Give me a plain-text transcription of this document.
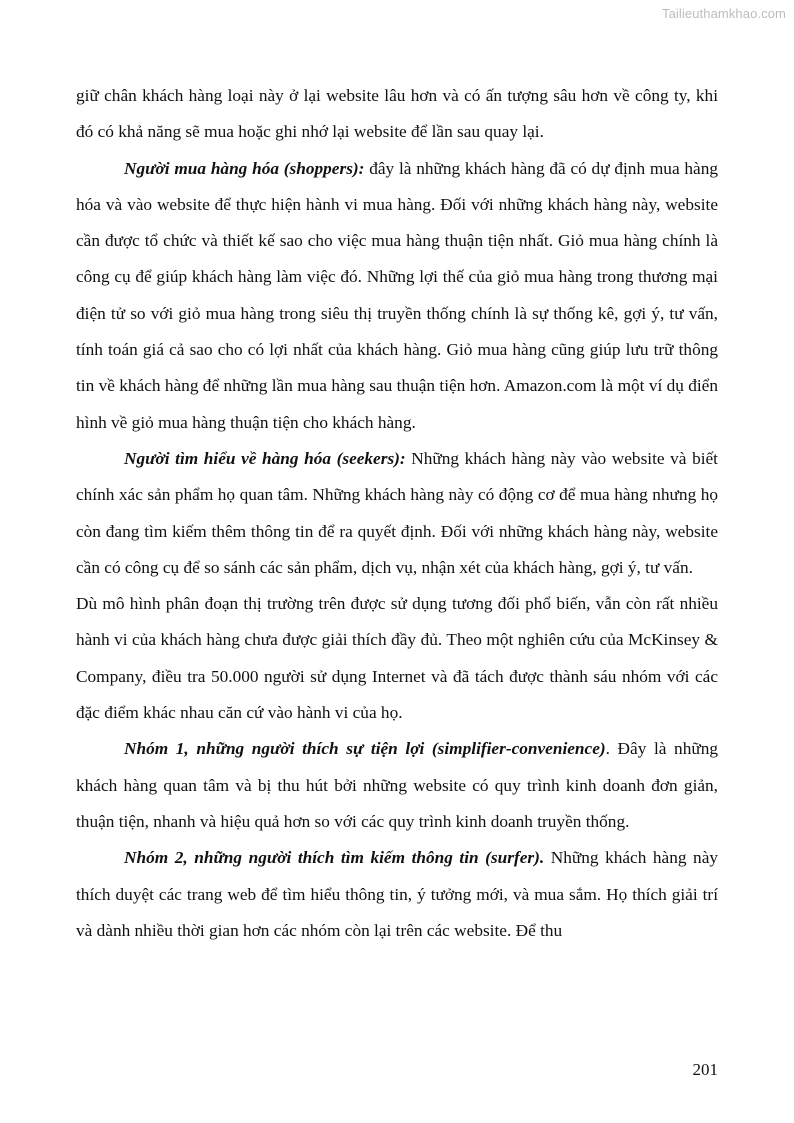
Tailieuthamkhao.com

giữ chân khách hàng loại này ở lại website lâu hơn và có ấn tượng sâu hơn về công ty, khi đó có khả năng sẽ mua hoặc ghi nhớ lại website để lần sau quay lại.

Người mua hàng hóa (shoppers): đây là những khách hàng đã có dự định mua hàng hóa và vào website để thực hiện hành vi mua hàng. Đối với những khách hàng này, website cần được tổ chức và thiết kế sao cho việc mua hàng thuận tiện nhất. Giỏ mua hàng chính là công cụ để giúp khách hàng làm việc đó. Những lợi thế của giỏ mua hàng trong thương mại điện tử so với giỏ mua hàng trong siêu thị truyền thống chính là sự thống kê, gợi ý, tư vấn, tính toán giá cả sao cho có lợi nhất của khách hàng. Giỏ mua hàng cũng giúp lưu trữ thông tin về khách hàng để những lần mua hàng sau thuận tiện hơn. Amazon.com là một ví dụ điển hình về giỏ mua hàng thuận tiện cho khách hàng.

Người tìm hiểu về hàng hóa (seekers): Những khách hàng này vào website và biết chính xác sản phẩm họ quan tâm. Những khách hàng này có động cơ để mua hàng nhưng họ còn đang tìm kiếm thêm thông tin để ra quyết định. Đối với những khách hàng này, website cần có công cụ để so sánh các sản phẩm, dịch vụ, nhận xét của khách hàng, gợi ý, tư vấn.

Dù mô hình phân đoạn thị trường trên được sử dụng tương đối phổ biến, vẫn còn rất nhiều hành vi của khách hàng chưa được giải thích đầy đủ. Theo một nghiên cứu của McKinsey & Company, điều tra 50.000 người sử dụng Internet và đã tách được thành sáu nhóm với các đặc điểm khác nhau căn cứ vào hành vi của họ.

Nhóm 1, những người thích sự tiện lợi (simplifier-convenience). Đây là những khách hàng quan tâm và bị thu hút bởi những website có quy trình kinh doanh đơn giản, thuận tiện, nhanh và hiệu quả hơn so với các quy trình kinh doanh truyền thống.

Nhóm 2, những người thích tìm kiếm thông tin (surfer). Những khách hàng này thích duyệt các trang web để tìm hiểu thông tin, ý tưởng mới, và mua sắm. Họ thích giải trí và dành nhiều thời gian hơn các nhóm còn lại trên các website. Để thu

201
